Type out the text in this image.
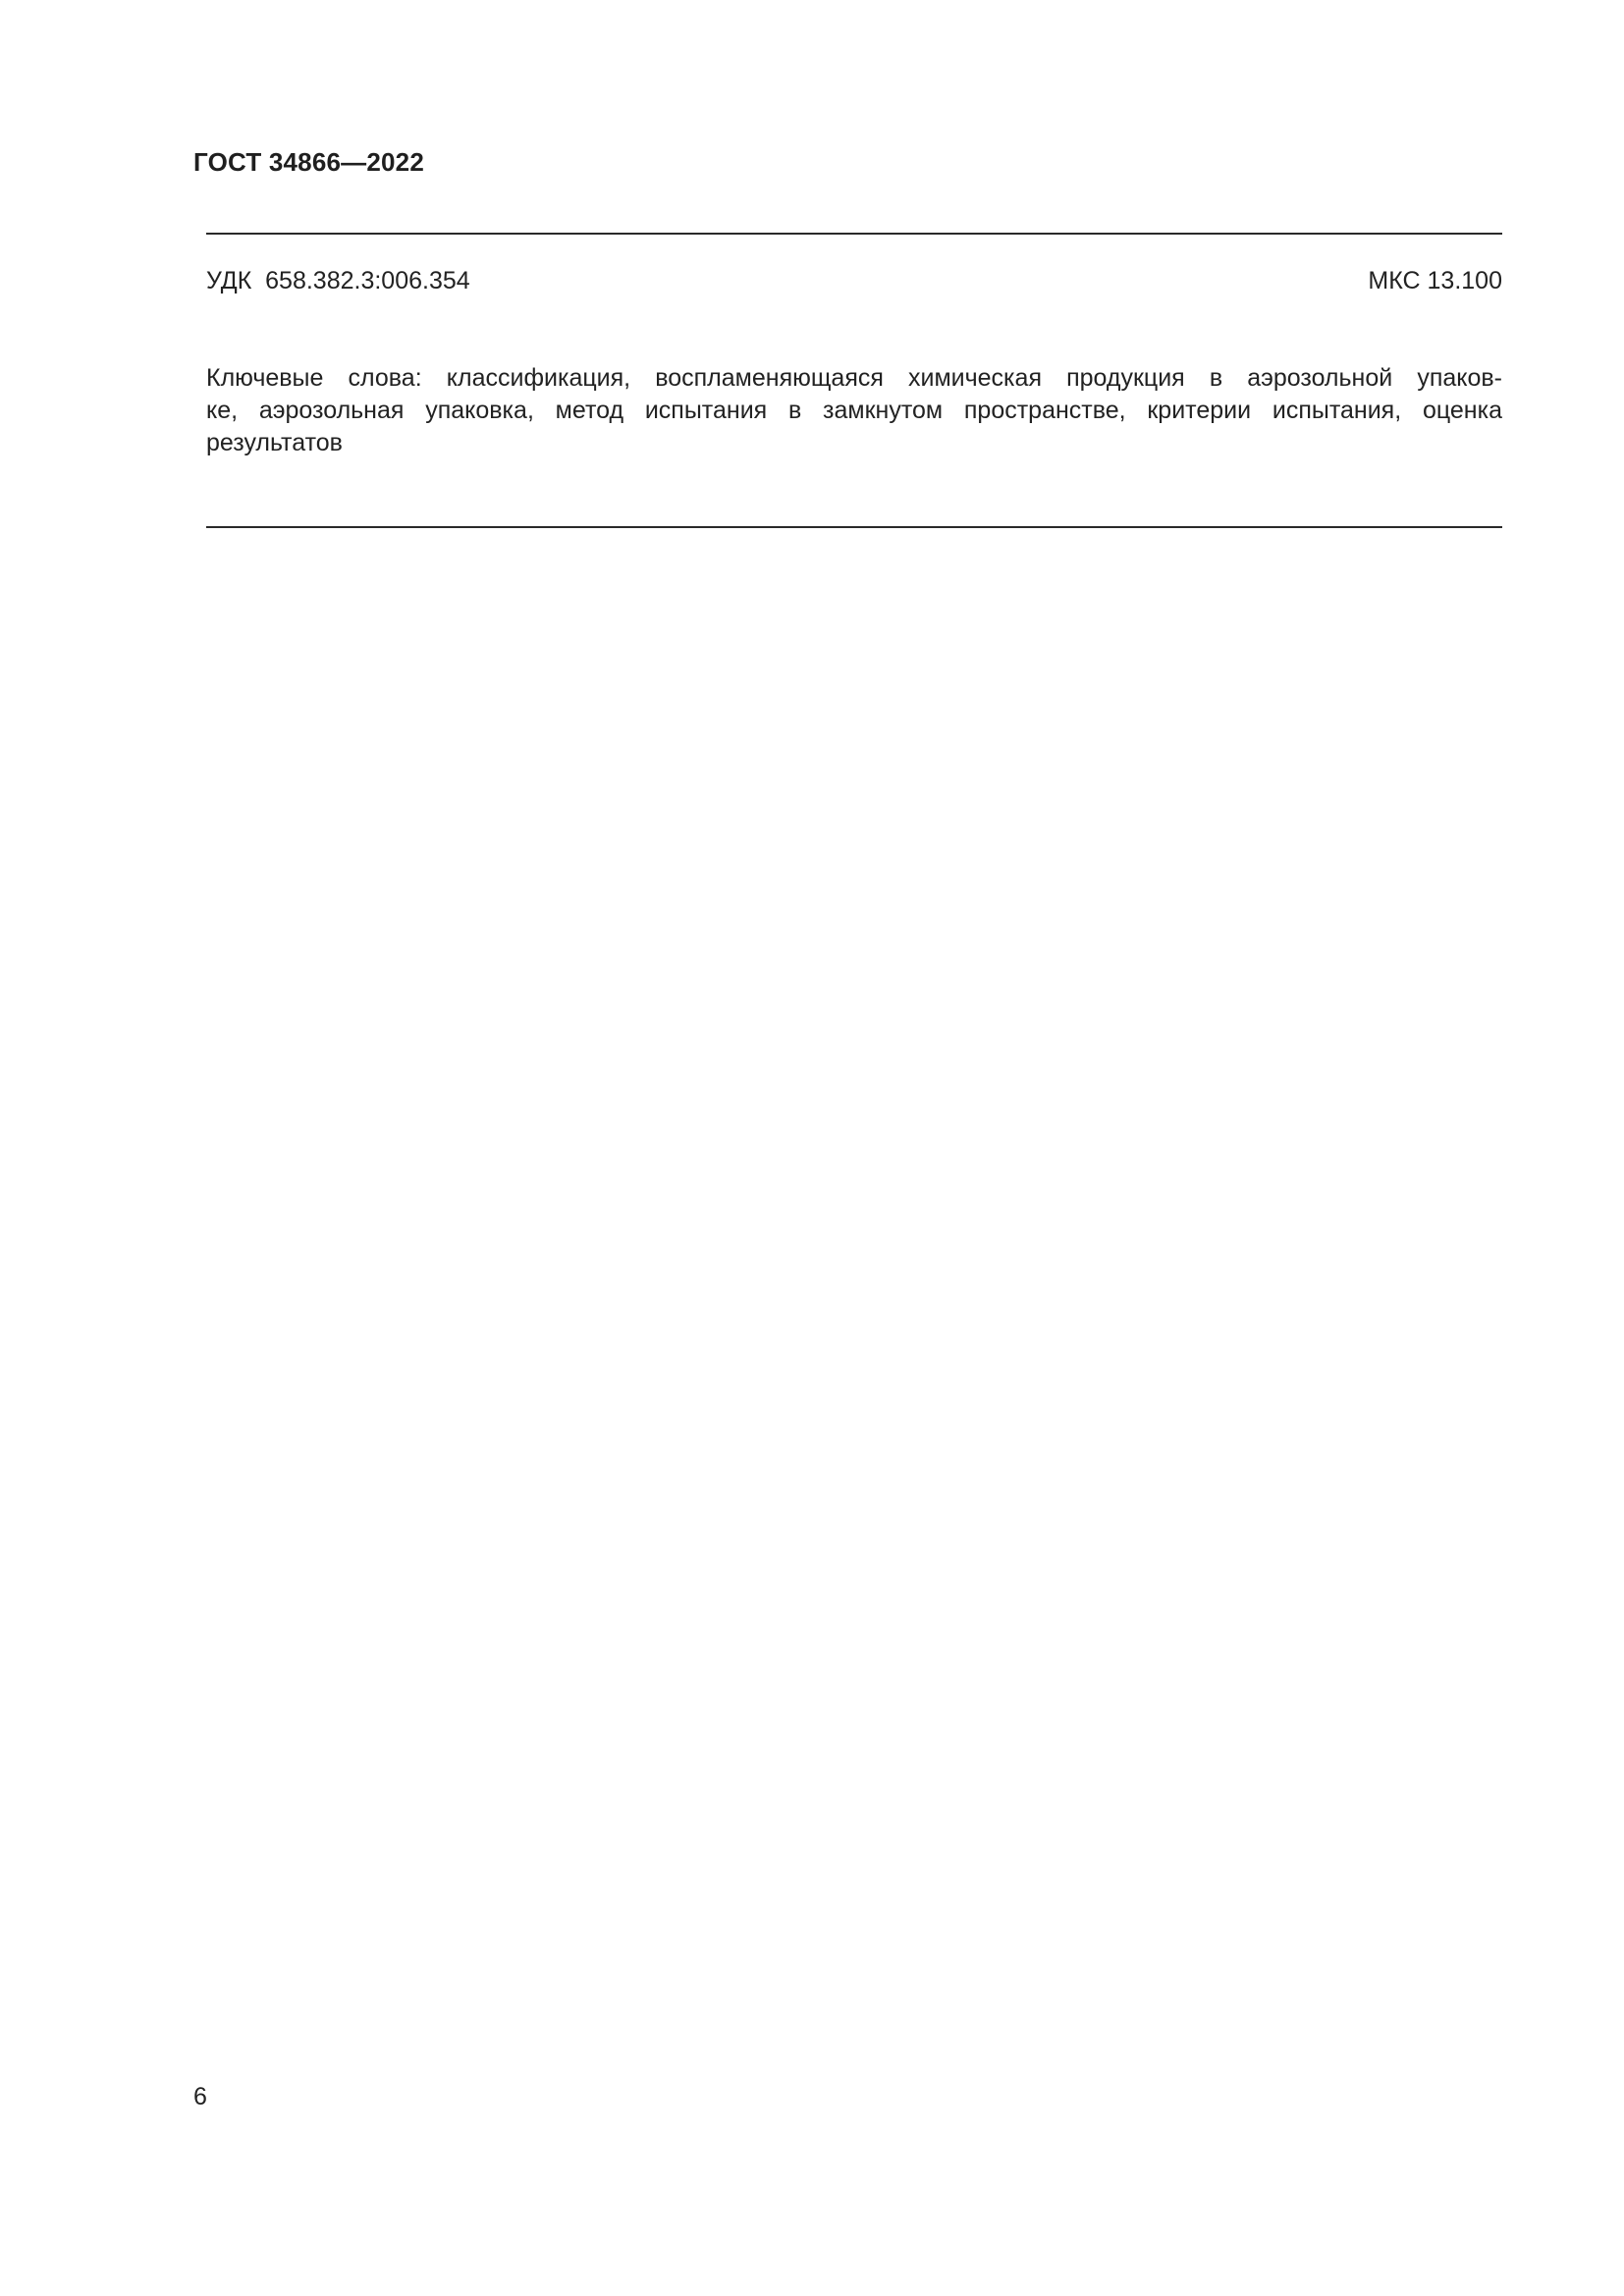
ГОСТ 34866—2022
УДК  658.382.3:006.354	МКС 13.100
Ключевые слова: классификация, воспламеняющаяся химическая продукция в аэрозольной упаков-
ке, аэрозольная упаковка, метод испытания в замкнутом пространстве, критерии испытания, оценка
результатов
6
